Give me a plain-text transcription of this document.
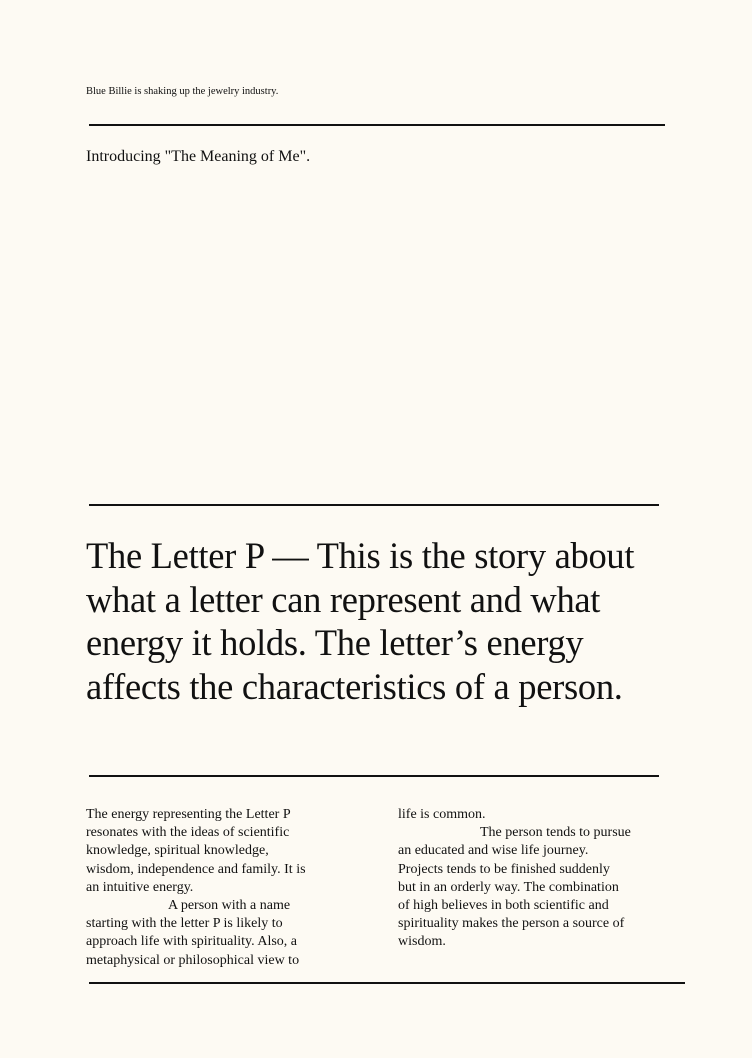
Blue Billie is shaking up the jewelry industry.
Introducing "The Meaning of Me".
The Letter P — This is the story about what a letter can represent and what energy it holds. The letter’s energy affects the characteristics of a person.
The energy representing the Letter P
resonates with the ideas of scientific
knowledge, spiritual knowledge,
wisdom, independence and family. It is
an intuitive energy.
A person with a name
starting with the letter P is likely to
approach life with spirituality. Also, a
metaphysical or philosophical view to
life is common.
The person tends to pursue
an educated and wise life journey.
Projects tends to be finished suddenly
but in an orderly way. The combination
of high believes in both scientific and
spirituality makes the person a source of
wisdom.
